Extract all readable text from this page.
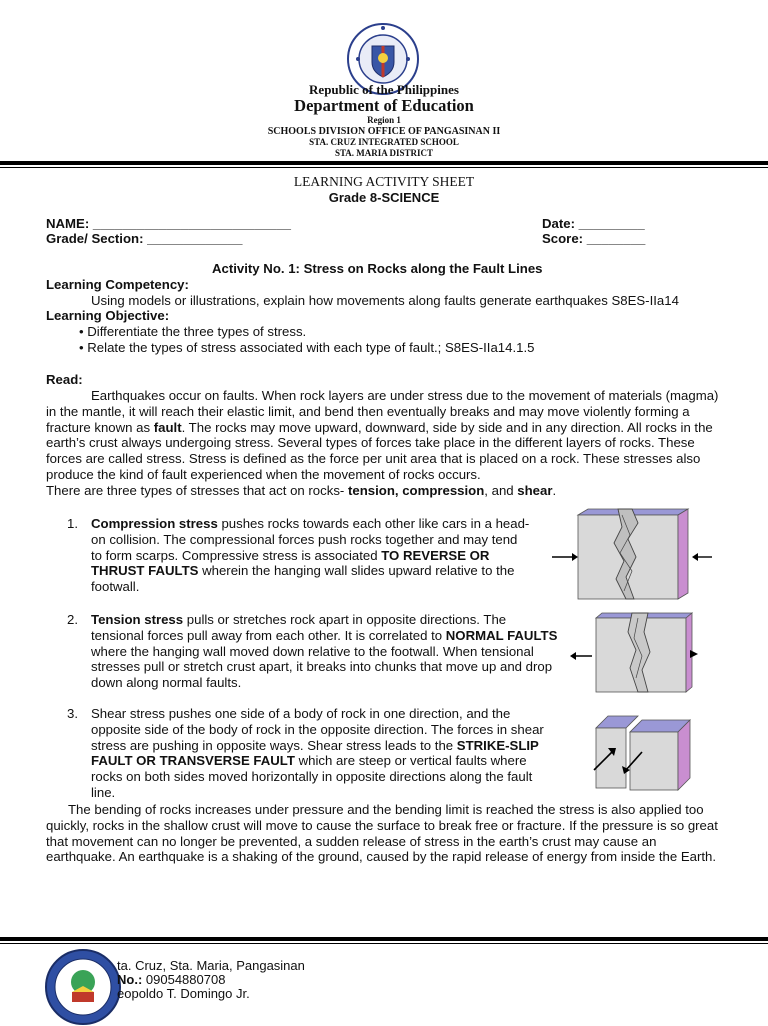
Republic of the Philippines
Department of Education
Region 1
SCHOOLS DIVISION OFFICE OF PANGASINAN II
STA. CRUZ INTEGRATED SCHOOL
STA. MARIA DISTRICT
LEARNING ACTIVITY SHEET
Grade 8-SCIENCE
NAME: ___________________________	Date: _________
Grade/ Section: _____________	Score: ________
Activity No. 1: Stress on Rocks along the Fault Lines
Learning Competency:
Using models or illustrations, explain how movements along faults generate earthquakes S8ES-IIa14
Learning Objective:
• Differentiate the three types of stress.
• Relate the types of stress associated with each type of fault.; S8ES-IIa14.1.5
Read:
Earthquakes occur on faults. When rock layers are under stress due to the movement of materials (magma) in the mantle, it will reach their elastic limit, and bend then eventually breaks and may move violently forming a fracture known as fault. The rocks may move upward, downward, side by side and in any direction. All rocks in the earth’s crust always undergoing stress. Several types of forces take place in the different layers of rocks. These forces are called stress. Stress is defined as the force per unit area that is placed on a rock. These stresses also produce the kind of fault experienced when the movement of rocks occurs.
There are three types of stresses that act on rocks- tension, compression, and shear.
1. Compression stress pushes rocks towards each other like cars in a head-on collision. The compressional forces push rocks together and may tend to form scarps. Compressive stress is associated TO REVERSE OR THRUST FAULTS wherein the hanging wall slides upward relative to the footwall.
2. Tension stress pulls or stretches rock apart in opposite directions. The tensional forces pull away from each other. It is correlated to NORMAL FAULTS where the hanging wall moved down relative to the footwall. When tensional stresses pull or stretch crust apart, it breaks into chunks that move up and drop down along normal faults.
3. Shear stress pushes one side of a body of rock in one direction, and the opposite side of the body of rock in the opposite direction. The forces in shear stress are pushing in opposite ways. Shear stress leads to the STRIKE-SLIP FAULT OR TRANSVERSE FAULT which are steep or vertical faults where rocks on both sides moved horizontally in opposite directions along the fault line.
The bending of rocks increases under pressure and the bending limit is reached the stress is also applied too quickly, rocks in the shallow crust will move to cause the surface to break free or fracture. If the pressure is so great that movement can no longer be prevented, a sudden release of stress in the earth’s crust may cause an earthquake. An earthquake is a shaking of the ground, caused by the rapid release of energy from inside the Earth.
ta. Cruz, Sta. Maria, Pangasinan
No.: 09054880708
eopoldo T. Domingo Jr.
